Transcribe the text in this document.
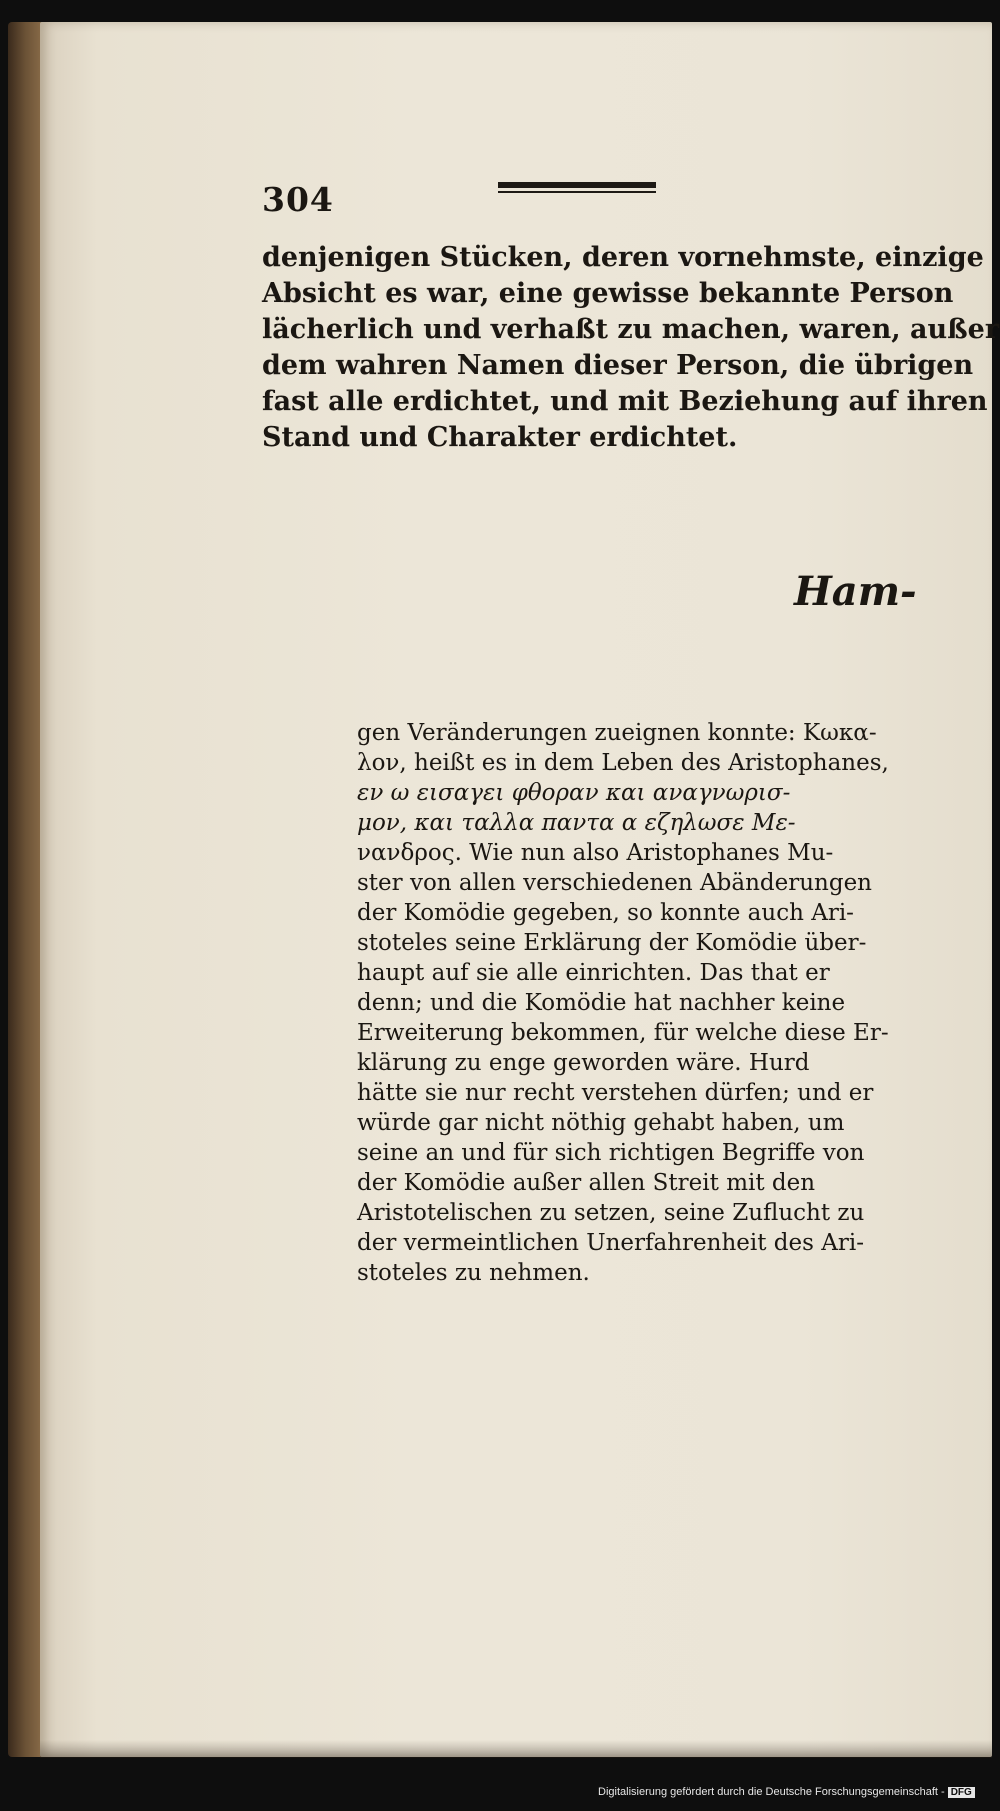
304
denjenigen Stücken, deren vornehmste, einzige
Absicht es war, eine gewisse bekannte Person
lächerlich und verhaßt zu machen, waren, außer
dem wahren Namen dieser Person, die übrigen
fast alle erdichtet, und mit Beziehung auf ihren
Stand und Charakter erdichtet.
Ham-
gen Veränderungen zueignen konnte: Κωκα-
λον, heißt es in dem Leben des Aristophanes,
εν ω εισαγει φθοραν και αναγνωρισ-
μον, και ταλλα παντα α εζηλωσε Με-
νανδρος. Wie nun also Aristophanes Mu-
ster von allen verschiedenen Abänderungen
der Komödie gegeben, so konnte auch Ari-
stoteles seine Erklärung der Komödie über-
haupt auf sie alle einrichten. Das that er
denn; und die Komödie hat nachher keine
Erweiterung bekommen, für welche diese Er-
klärung zu enge geworden wäre. Hurd
hätte sie nur recht verstehen dürfen; und er
würde gar nicht nöthig gehabt haben, um
seine an und für sich richtigen Begriffe von
der Komödie außer allen Streit mit den
Aristotelischen zu setzen, seine Zuflucht zu
der vermeintlichen Unerfahrenheit des Ari-
stoteles zu nehmen.
Digitalisierung gefördert durch die Deutsche Forschungsgemeinschaft - DFG
